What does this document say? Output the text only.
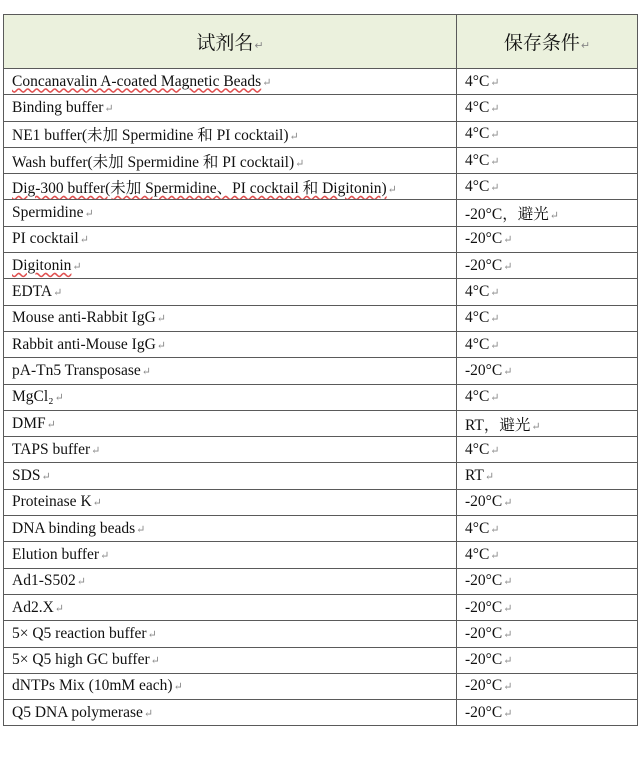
试剂名↵	保存条件↵
Concanavalin A-coated Magnetic Beads↵	4°C↵
Binding buffer↵	4°C↵
NE1 buffer(未加 Spermidine 和 PI cocktail)↵	4°C↵
Wash buffer(未加 Spermidine 和 PI cocktail)↵	4°C↵
Dig-300 buffer(未加 Spermidine、PI cocktail 和 Digitonin)↵	4°C↵
Spermidine↵	-20°C，避光↵
PI cocktail↵	-20°C↵
Digitonin↵	-20°C↵
EDTA↵	4°C↵
Mouse anti-Rabbit IgG↵	4°C↵
Rabbit anti-Mouse IgG↵	4°C↵
pA-Tn5 Transposase↵	-20°C↵
MgCl₂↵	4°C↵
DMF↵	RT，避光↵
TAPS buffer↵	4°C↵
SDS↵	RT↵
Proteinase K↵	-20°C↵
DNA binding beads↵	4°C↵
Elution buffer↵	4°C↵
Ad1-S502↵	-20°C↵
Ad2.X↵	-20°C↵
5× Q5 reaction buffer↵	-20°C↵
5× Q5 high GC buffer↵	-20°C↵
dNTPs Mix (10mM each)↵	-20°C↵
Q5 DNA polymerase↵	-20°C↵
